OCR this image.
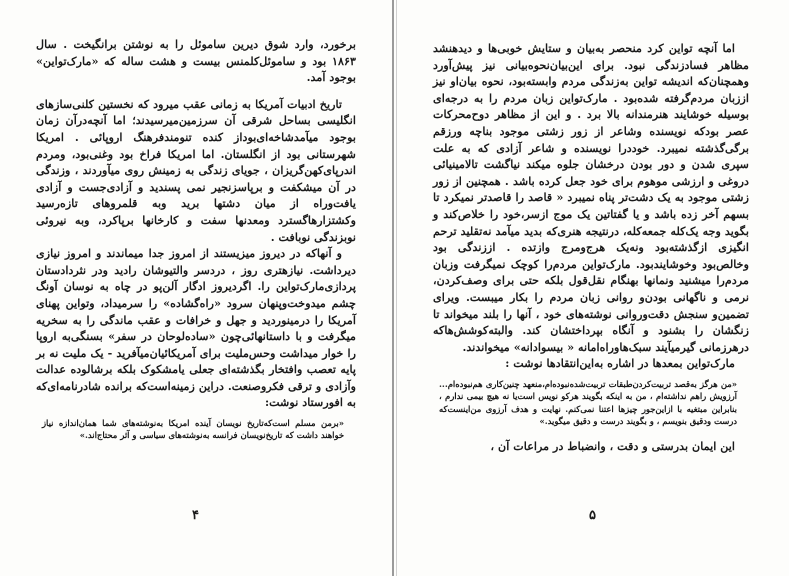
برخورد، وارد شوق دیرین ساموئل را به نوشتن برانگیخت . سال ۱۸۶۳ بود و ساموئل‌کلمنس بیست و هشت ساله که «مارک‌تواین» بوجود آمد.

تاریخ ادبیات آمریکا به زمانی عقب میرود که نخستین کلنی‌سازهای انگلیسی بساحل شرقی آن سرزمین‌میرسیدند؛ اما آنچه‌درآن زمان بوجود میآمدشاخه‌ای‌بود‌از‌ کنده تنومندفرهنگ اروپائی . امریکا شهرستانی بود از انگلستان. اما امریکا فراخ بود وغنی‌بود، ومردم اندرپای‌کهن‌گریزان ، جویای زندگی به زمینش روی میآوردند ، وزندگی در آن میشکفت و برپاسزنجیر نمی پسندید و آزادی‌جست و آزادی یافت‌وراه از میان دشتها برید وبه قلمروهای تازه‌رسید وکشتزارهاگسترد ومعدنها سفت‌ و کارخانها برپاکرد، وبه نیروئی نوبزندگی نوبافت .

و آنهاکه در دیروز میزیستند از امروز جدا میماندند و امروز نیازی دیرداشت. نیازهتری روز ، دردسر والتیوشان رادید ودر نثردادستان پردازی‌مارک‌تواین را. اگردیروز ادگار آلن‌پو در چاه به نوسان آونگ چشم میدوخت‌وپنهان سرود «راه‌گشاده» را سرمیداد، وتواین پهنای آمریکا را درمینوردید و جهل و خرافات و عقب ماندگی را به سخریه میگرفت و با داستانهائی‌چون «ساده‌لوحان در سفر» بسنگی‌به اروپا را خوار میداشت وحس‌ملیت برای آمریکائیان‌میآفرید - یک ملیت نه بر پایه تعصب وافتخار بگذشته‌ای جعلی یامشکوک بلکه برشالوده عدالت وآزادی و ترقی فکروصنعت. دراین زمینه‌است‌که برانده شادرنامه‌ای‌که به افورستاد نوشت:

«برمن مسلم است‌که‌تاریخ نویسان آینده امریکا به‌نوشته‌های شما همان‌اندازه نیاز خواهند داشت که تاریخ‌نویسان فرانسه به‌نوشته‌های سیاسی و آثر محتاج‌اند.»

۴

اما آنچه تواین کرد منحصر به‌بیان و ستایش خوبی‌ها و دیدهنشد مظاهر فسادزندگی نبود. برای این‌بیان‌نحوه‌بیانی نیز پیش‌آورد وهمچنان‌که اندیشه تواین به‌زندگی مردم وابسته‌بود، نحوه بیان‌او نیز اززبان مردم‌گرفته شده‌بود . مارک‌تواین زبان مردم را به درجه‌ای بوسیله خوشایند هنرمندانه بالا برد . و این از مظاهر دوح‌محرکات عصر بودکه نویسنده وشاعر از زور زشتی موجود بناچه ورزقم برگی‌گذشته نمیبرد. خوددرا نویسنده و شاعر آزادی که به علت سپری شدن و دور بودن درخشان جلوه میکند نیاگشت تالامینیائی دروغی و ارزشی موهوم برای خود جعل کرده باشد . همچنین از زور زشتی موجود به یک دشت‌تر پناه نمیبرد « قاصد را قاصدتر نمیکرد تا بسهم آخر زده باشد و یا گفتاتین یک موج ازسر،خود را خلاص‌کند و بگوید وجه یک‌کله جمعه‌کله، درنتیجه هنری‌که بدید میآمد نه‌تقلید ترحم انگیزی ازگذشته‌بود ونه‌یک هرج‌ومرج وازتده . اززندگی بود وخالص‌بود وخوشایندبود. مارک‌تواین مردم‌را کوچک نمیگرفت وزبان مردم‌را میشنید ونمانها بهنگام نقل‌قول بلکه حتی برای وصف‌کردن، نرمی و ناگهانی بودن‌و روانی زبان مردم را بکار میبست. ویرای تضمین‌و سنجش دقت‌وروانی نوشته‌های خود ، آنها را بلند میخواند تا زنگشان را بشنود و آنگاه بپرداختشان کند. والبته‌کوشش‌هاکه درهر‌زمانی گیرمیآیند سبک‌ها‌وراه‌امانه « بیسوادانه» میخواندند.

مارک‌تواین بمعدها در اشاره به‌این‌انتقادها نوشت :

«من هرگز به‌قصد تربیت‌کردن‌طبقات تربیت‌شده‌نبوده‌ام،منعهد چنین‌کاری هم‌نبوده‌ام... آرزویش راهم نداشته‌ام ، من به اینکه بگویند هرکو نویس است‌یا نه هیچ بیمی ندارم ، بنابراین مبتغیه با ازاین‌جور چیزها اعتنا نمی‌کنم. نهایت و هدف آرزوی من‌اینست‌که درست ودقیق بنویسم ، و بگویند درست و دقیق میگوید.»

این ایمان بدرستی و دقت ، وانضباط در مراعات آن ،

۵
